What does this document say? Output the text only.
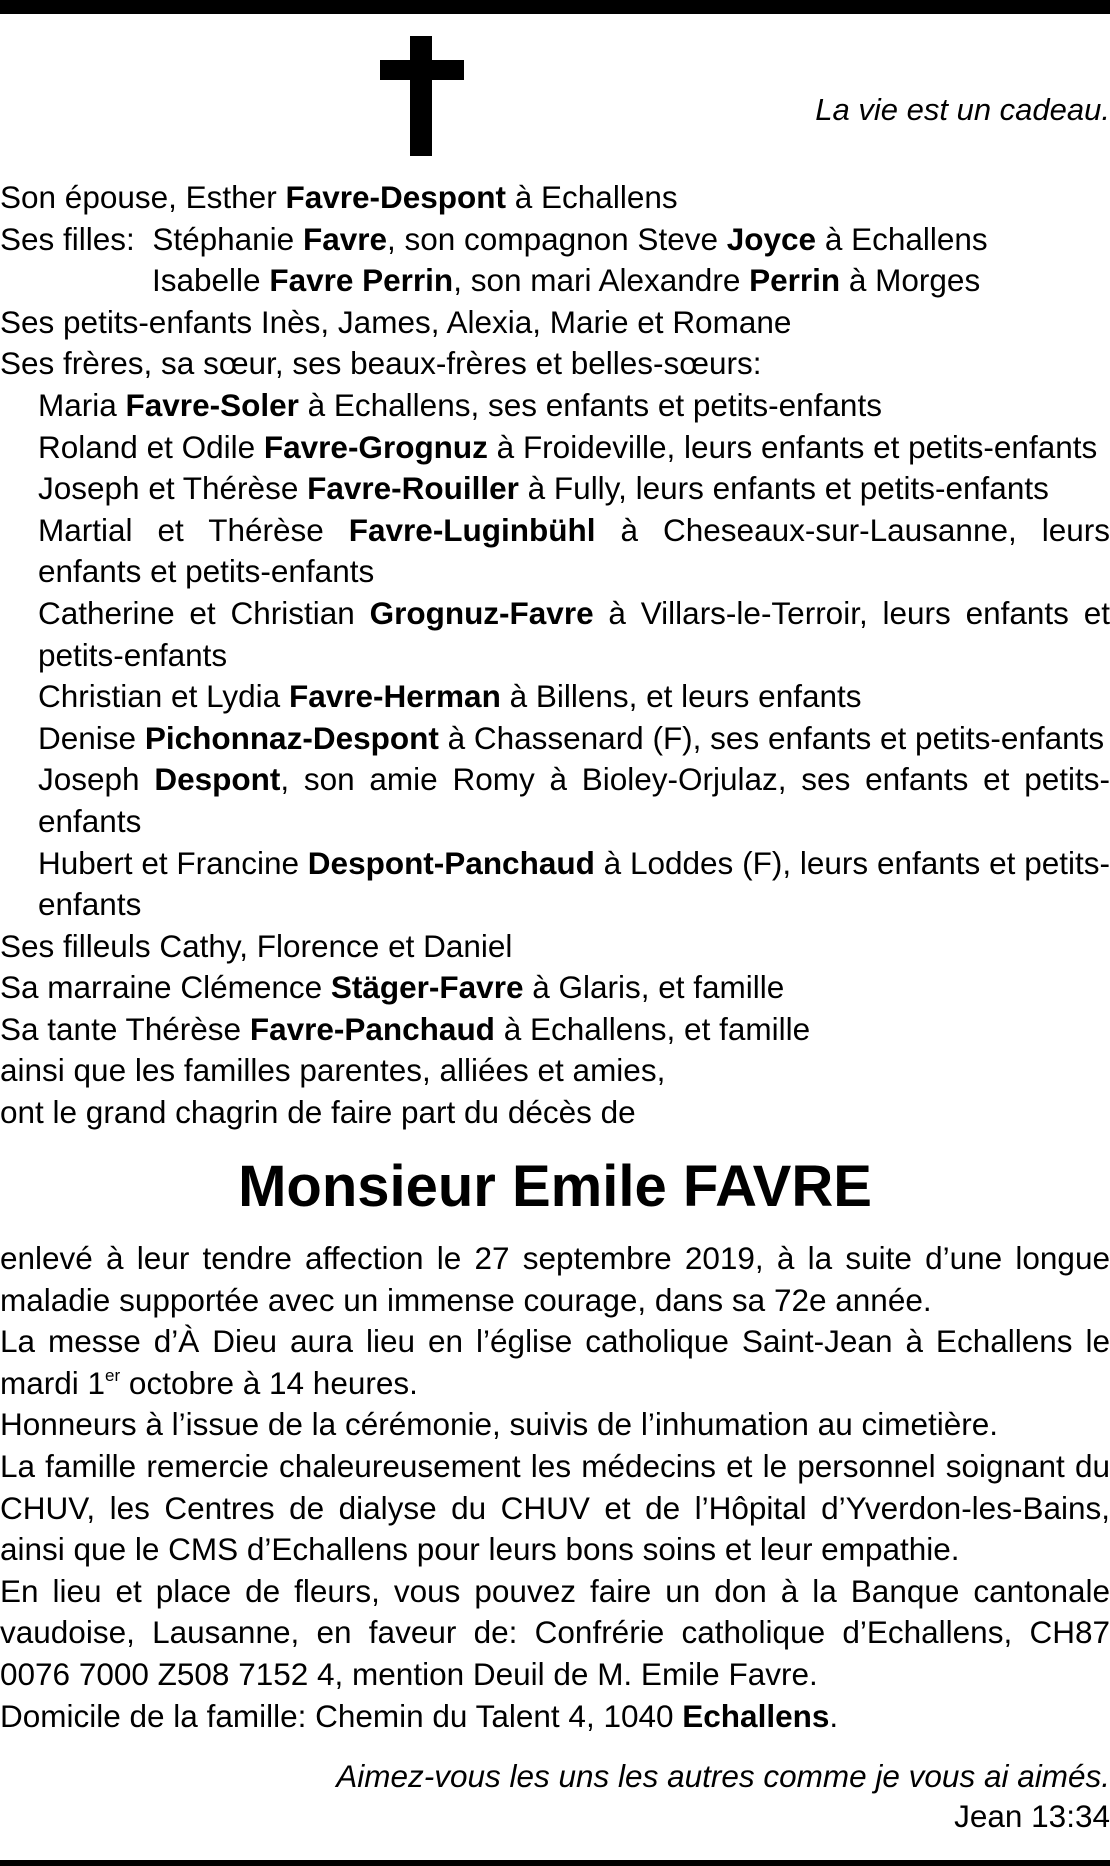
La vie est un cadeau.
Son épouse, Esther Favre-Despont à Echallens
Ses filles: Stéphanie Favre, son compagnon Steve Joyce à Echallens
Isabelle Favre Perrin, son mari Alexandre Perrin à Morges
Ses petits-enfants Inès, James, Alexia, Marie et Romane
Ses frères, sa sœur, ses beaux-frères et belles-sœurs:
Maria Favre-Soler à Echallens, ses enfants et petits-enfants
Roland et Odile Favre-Grognuz à Froideville, leurs enfants et petits-enfants
Joseph et Thérèse Favre-Rouiller à Fully, leurs enfants et petits-enfants
Martial et Thérèse Favre-Luginbühl à Cheseaux-sur-Lausanne, leurs enfants et petits-enfants
Catherine et Christian Grognuz-Favre à Villars-le-Terroir, leurs enfants et petits-enfants
Christian et Lydia Favre-Herman à Billens, et leurs enfants
Denise Pichonnaz-Despont à Chassenard (F), ses enfants et petits-enfants
Joseph Despont, son amie Romy à Bioley-Orjulaz, ses enfants et petits-enfants
Hubert et Francine Despont-Panchaud à Loddes (F), leurs enfants et petits-enfants
Ses filleuls Cathy, Florence et Daniel
Sa marraine Clémence Stäger-Favre à Glaris, et famille
Sa tante Thérèse Favre-Panchaud à Echallens, et famille
ainsi que les familles parentes, alliées et amies,
ont le grand chagrin de faire part du décès de
Monsieur Emile FAVRE
enlevé à leur tendre affection le 27 septembre 2019, à la suite d’une longue maladie supportée avec un immense courage, dans sa 72e année.
La messe d’À Dieu aura lieu en l’église catholique Saint-Jean à Echallens le mardi 1er octobre à 14 heures.
Honneurs à l’issue de la cérémonie, suivis de l’inhumation au cimetière.
La famille remercie chaleureusement les médecins et le personnel soignant du CHUV, les Centres de dialyse du CHUV et de l’Hôpital d’Yverdon-les-Bains, ainsi que le CMS d’Echallens pour leurs bons soins et leur empathie.
En lieu et place de fleurs, vous pouvez faire un don à la Banque cantonale vaudoise, Lausanne, en faveur de: Confrérie catholique d’Echallens, CH87 0076 7000 Z508 7152 4, mention Deuil de M. Emile Favre.
Domicile de la famille: Chemin du Talent 4, 1040 Echallens.
Aimez-vous les uns les autres comme je vous ai aimés.
Jean 13:34
